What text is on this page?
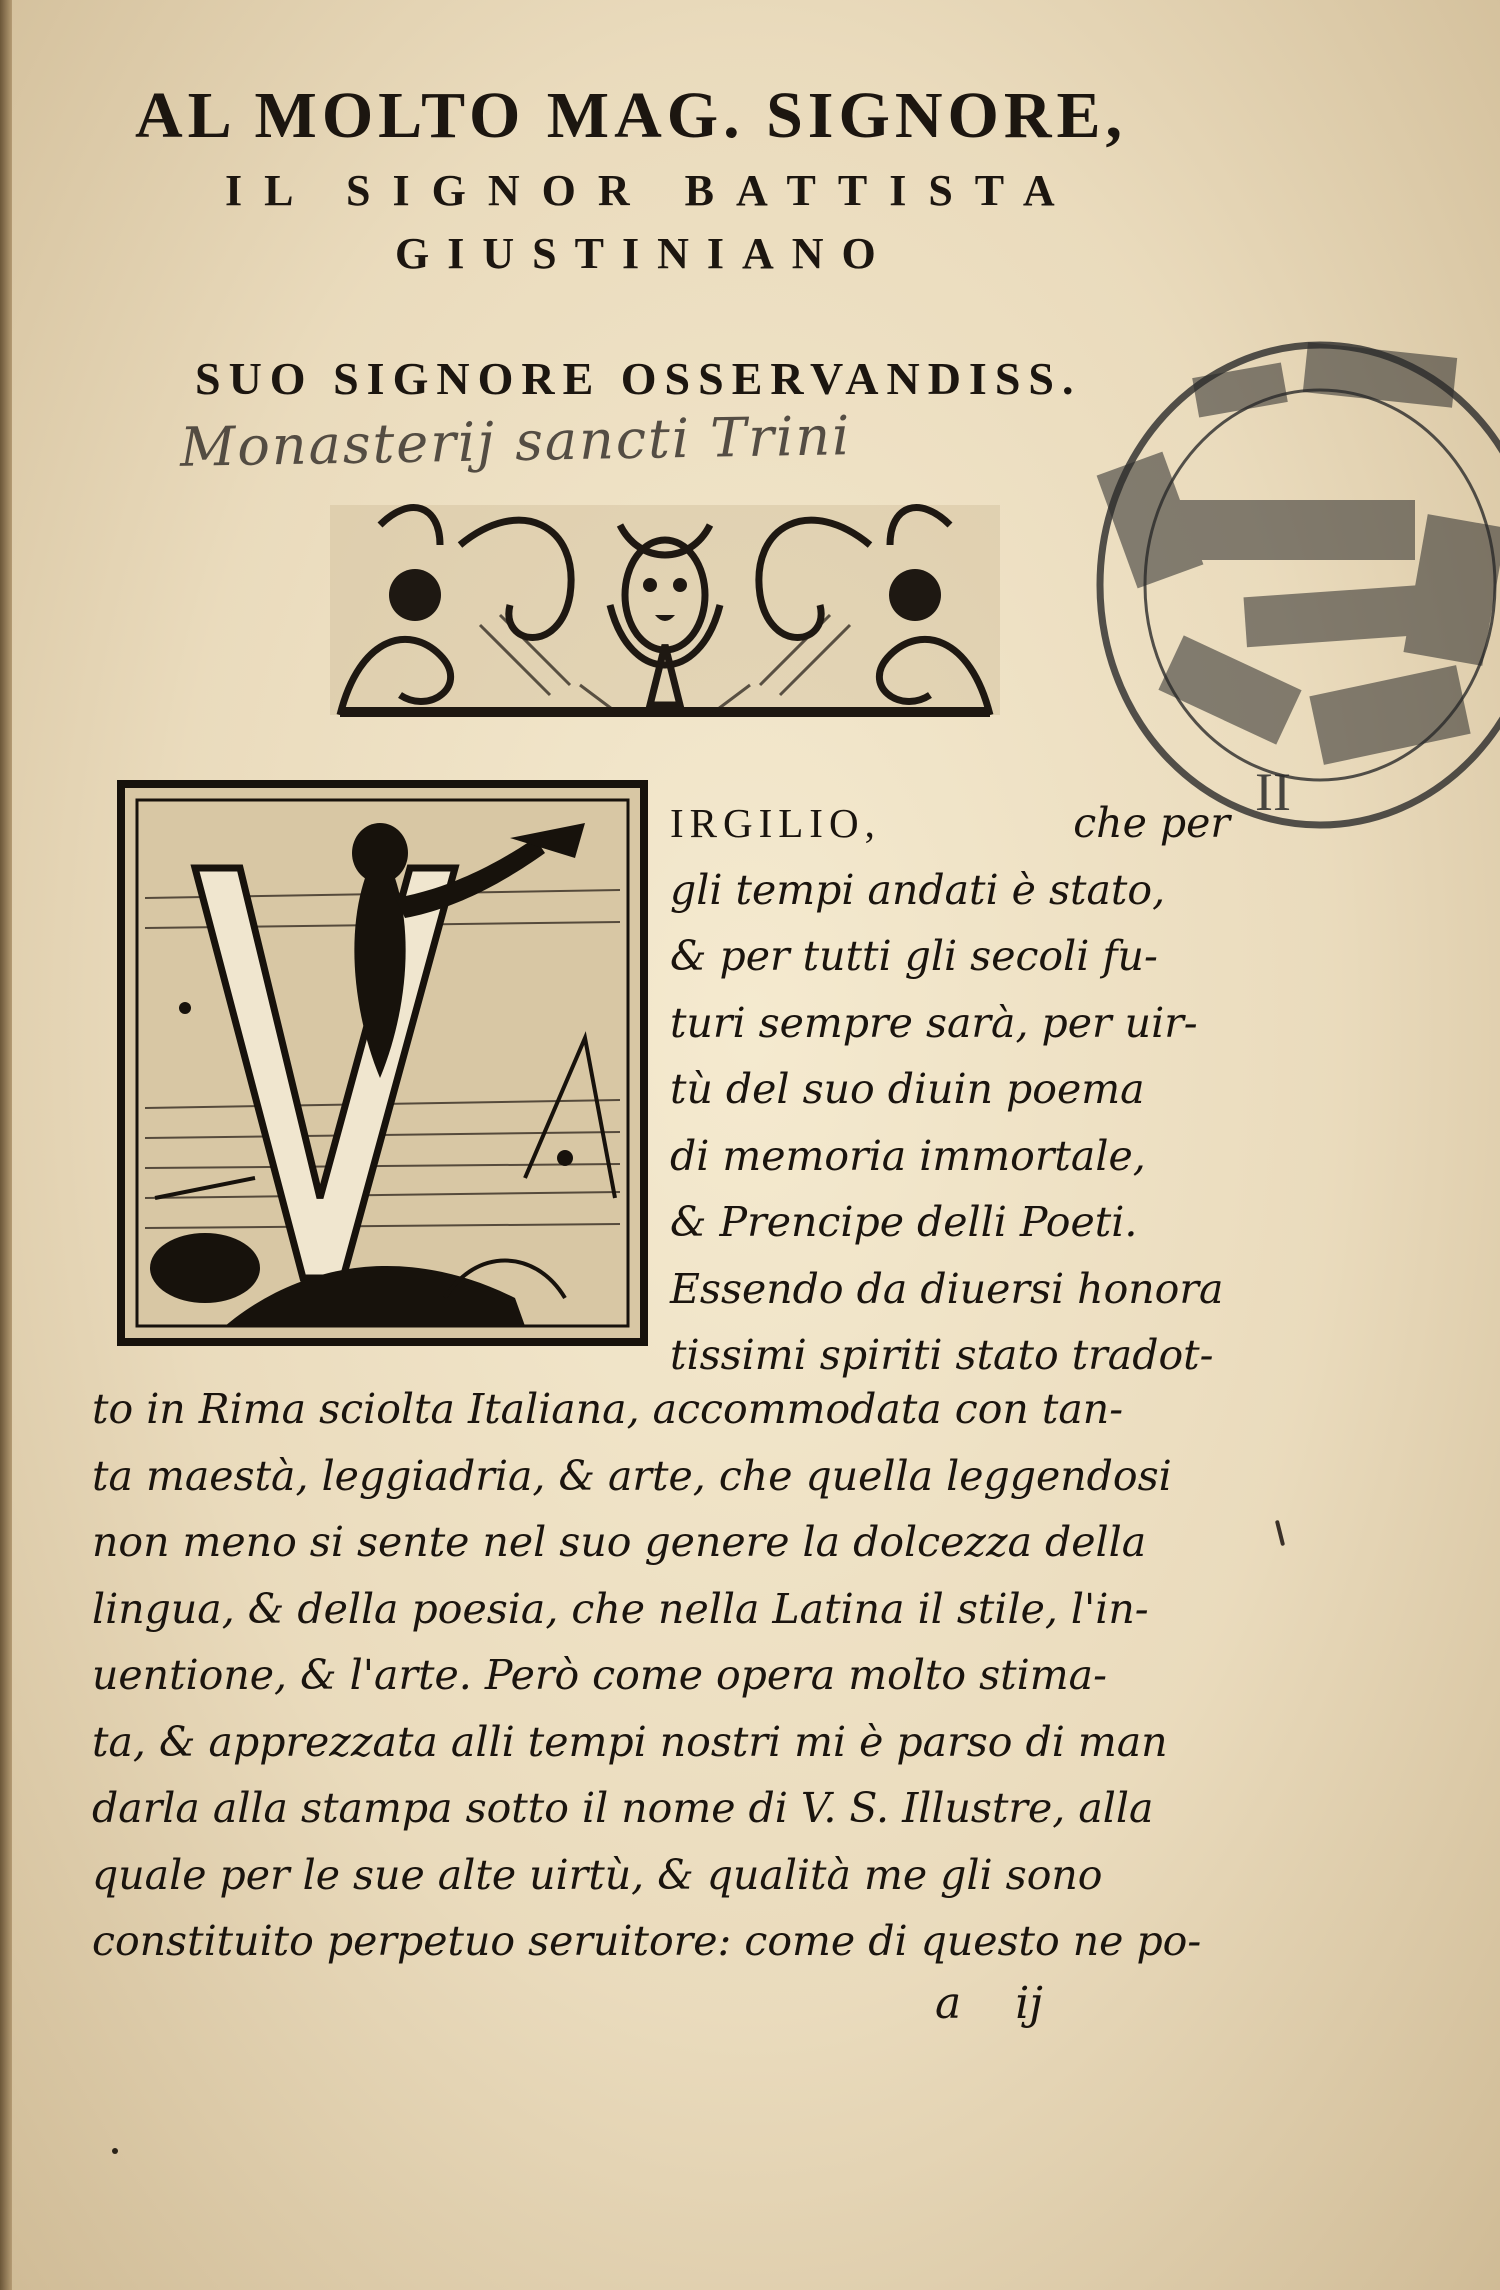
AL MOLTO MAG. SIGNORE,
IL SIGNOR BATTISTA
GIUSTINIANO
SUO SIGNORE OSSERVANDISS.
Monasterij sancti Trini
II
IRGILIO,	che per
gli tempi andati è stato,
& per tutti gli secoli fu-
turi sempre sarà, per uir-
tù del suo diuin poema
di memoria immortale,
& Prencipe delli Poeti.
Essendo da diuersi honora
tissimi spiriti stato tradot-
to in Rima sciolta Italiana, accommodata con tan-
ta maestà, leggiadria, & arte, che quella leggendosi
non meno si sente nel suo genere la dolcezza della
lingua, & della poesia, che nella Latina il stile, l'in-
uentione, & l'arte. Però come opera molto stima-
ta, & apprezzata alli tempi nostri mi è parso di man
darla alla stampa sotto il nome di V. S. Illustre, alla
quale per le sue alte uirtù, & qualità me gli sono
constituito perpetuo seruitore: come di questo ne po-
a ij
